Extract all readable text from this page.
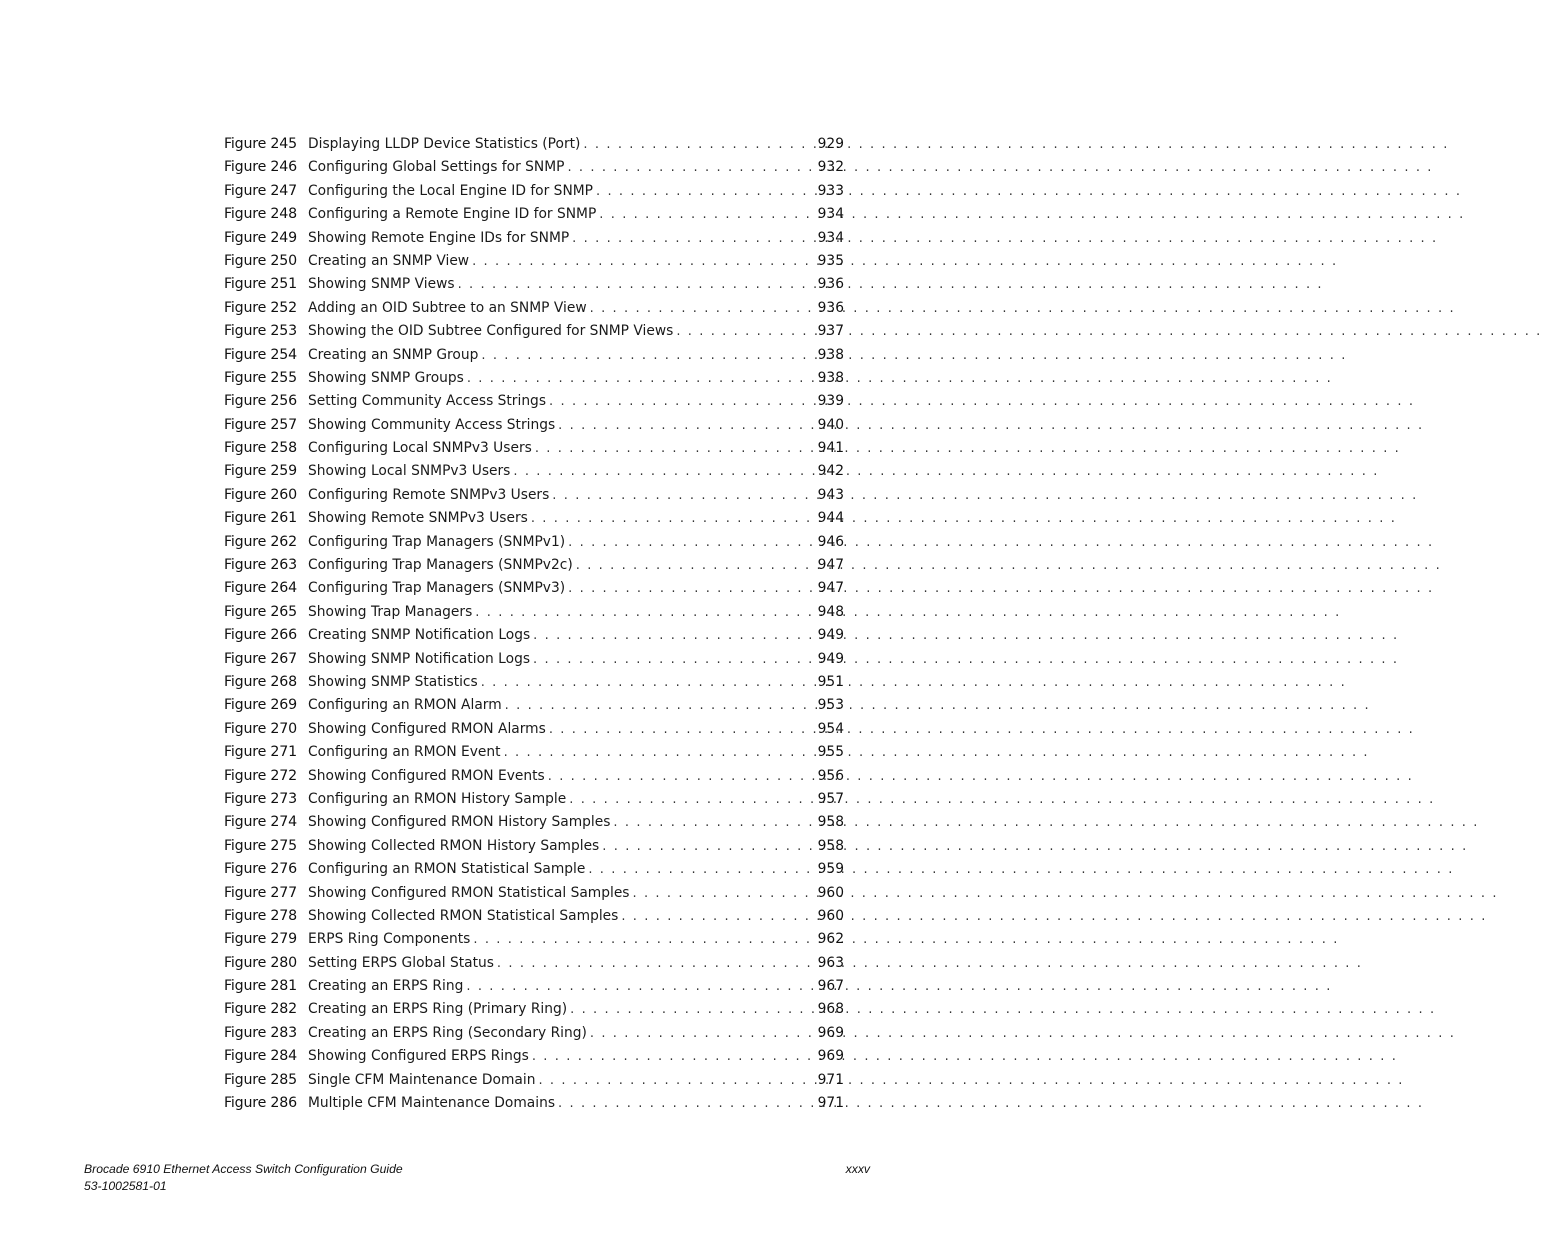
Figure 245 Displaying LLDP Device Statistics (Port) . . .	929
Figure 246 Configuring Global Settings for SNMP . . .	932
Figure 247 Configuring the Local Engine ID for SNMP . . .	933
Figure 248 Configuring a Remote Engine ID for SNMP . . .	934
Figure 249 Showing Remote Engine IDs for SNMP . . .	934
Figure 250 Creating an SNMP View . . .	935
Figure 251 Showing SNMP Views . . .	936
Figure 252 Adding an OID Subtree to an SNMP View . . .	936
Figure 253 Showing the OID Subtree Configured for SNMP Views . . .	937
Figure 254 Creating an SNMP Group . . .	938
Figure 255 Showing SNMP Groups . . .	938
Figure 256 Setting Community Access Strings . . .	939
Figure 257 Showing Community Access Strings . . .	940
Figure 258 Configuring Local SNMPv3 Users . . .	941
Figure 259 Showing Local SNMPv3 Users . . .	942
Figure 260 Configuring Remote SNMPv3 Users . . .	943
Figure 261 Showing Remote SNMPv3 Users . . .	944
Figure 262 Configuring Trap Managers (SNMPv1) . . .	946
Figure 263 Configuring Trap Managers (SNMPv2c) . . .	947
Figure 264 Configuring Trap Managers (SNMPv3) . . .	947
Figure 265 Showing Trap Managers . . .	948
Figure 266 Creating SNMP Notification Logs . . .	949
Figure 267 Showing SNMP Notification Logs . . .	949
Figure 268 Showing SNMP Statistics . . .	951
Figure 269 Configuring an RMON Alarm . . .	953
Figure 270 Showing Configured RMON Alarms . . .	954
Figure 271 Configuring an RMON Event . . .	955
Figure 272 Showing Configured RMON Events . . .	956
Figure 273 Configuring an RMON History Sample . . .	957
Figure 274 Showing Configured RMON History Samples . . .	958
Figure 275 Showing Collected RMON History Samples . . .	958
Figure 276 Configuring an RMON Statistical Sample . . .	959
Figure 277 Showing Configured RMON Statistical Samples . . .	960
Figure 278 Showing Collected RMON Statistical Samples . . .	960
Figure 279 ERPS Ring Components . . .	962
Figure 280 Setting ERPS Global Status . . .	963
Figure 281 Creating an ERPS Ring . . .	967
Figure 282 Creating an ERPS Ring (Primary Ring) . . .	968
Figure 283 Creating an ERPS Ring (Secondary Ring) . . .	969
Figure 284 Showing Configured ERPS Rings . . .	969
Figure 285 Single CFM Maintenance Domain . . .	971
Figure 286 Multiple CFM Maintenance Domains . . .	971
Brocade 6910 Ethernet Access Switch Configuration Guide
53-1002581-01
xxxv
